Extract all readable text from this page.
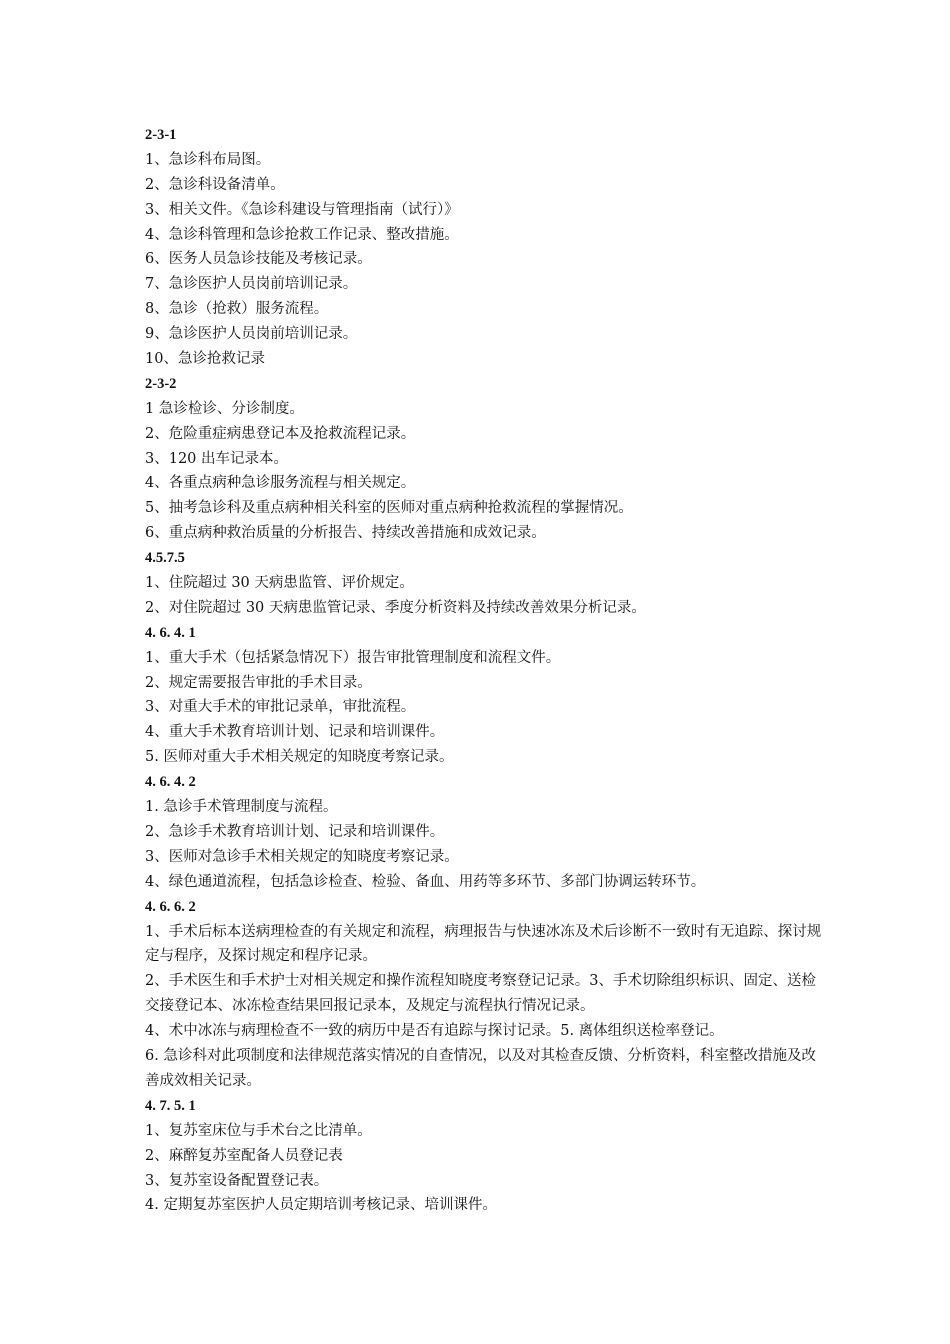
2-3-1

1、急诊科布局图。

2、急诊科设备清单。

3、相关文件。《急诊科建设与管理指南（试行）》

4、急诊科管理和急诊抢救工作记录、整改措施。

6、医务人员急诊技能及考核记录。

7、急诊医护人员岗前培训记录。

8、急诊（抢救）服务流程。

9、急诊医护人员岗前培训记录。

10、急诊抢救记录

2-3-2

1 急诊检诊、分诊制度。

2、危险重症病患登记本及抢救流程记录。

3、120 出车记录本。

4、各重点病种急诊服务流程与相关规定。

5、抽考急诊科及重点病种相关科室的医师对重点病种抢救流程的掌握情况。

6、重点病种救治质量的分析报告、持续改善措施和成效记录。

4.5.7.5

1、住院超过 30 天病患监管、评价规定。

2、对住院超过 30 天病患监管记录、季度分析资料及持续改善效果分析记录。

4. 6. 4. 1

1、重大手术（包括紧急情况下）报告审批管理制度和流程文件。

2、规定需要报告审批的手术目录。

3、对重大手术的审批记录单，审批流程。

4、重大手术教育培训计划、记录和培训课件。

5. 医师对重大手术相关规定的知晓度考察记录。

4. 6. 4. 2

1. 急诊手术管理制度与流程。

2、急诊手术教育培训计划、记录和培训课件。

3、医师对急诊手术相关规定的知晓度考察记录。

4、绿色通道流程，包括急诊检查、检验、备血、用药等多环节、多部门协调运转环节。

4. 6. 6. 2

1、手术后标本送病理检查的有关规定和流程，病理报告与快速冰冻及术后诊断不一致时有无追踪、探讨规定与程序，及探讨规定和程序记录。

2、手术医生和手术护士对相关规定和操作流程知晓度考察登记记录。3、手术切除组织标识、固定、送检交接登记本、冰冻检查结果回报记录本，及规定与流程执行情况记录。

4、术中冰冻与病理检查不一致的病历中是否有追踪与探讨记录。5. 离体组织送检率登记。

6. 急诊科对此项制度和法律规范落实情况的自查情况，以及对其检查反馈、分析资料，科室整改措施及改善成效相关记录。

4. 7. 5. 1

1、复苏室床位与手术台之比清单。

2、麻醉复苏室配备人员登记表

3、复苏室设备配置登记表。

4. 定期复苏室医护人员定期培训考核记录、培训课件。
